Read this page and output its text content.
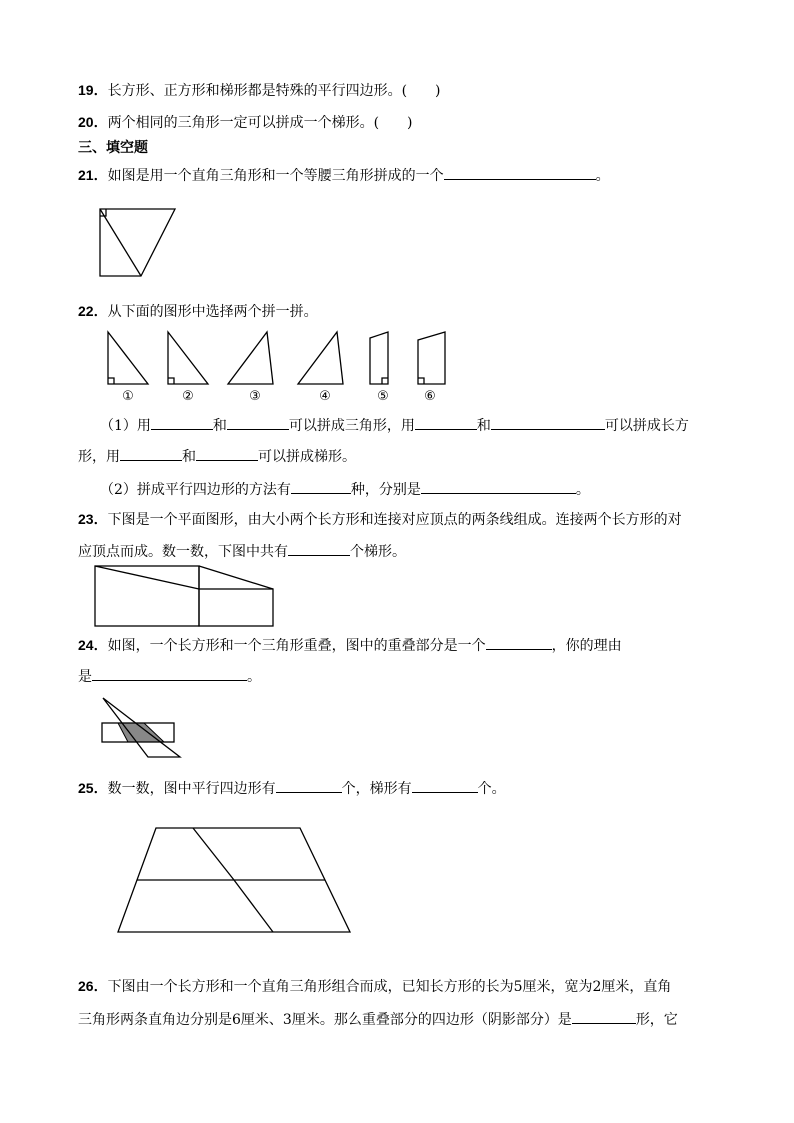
19．长方形、正方形和梯形都是特殊的平行四边形。(　　)
20．两个相同的三角形一定可以拼成一个梯形。(　　)
三、填空题
21．如图是用一个直角三角形和一个等腰三角形拼成的一个	。
22．从下面的图形中选择两个拼一拼。
①	②	③	④	⑤	⑥
（1）用	和	可以拼成三角形，用	和	可以拼成长方
形，用	和	可以拼成梯形。
（2）拼成平行四边形的方法有	种，分别是	。
23．下图是一个平面图形，由大小两个长方形和连接对应顶点的两条线组成。连接两个长方形的对
应顶点而成。数一数，下图中共有	个梯形。
24．如图，一个长方形和一个三角形重叠，图中的重叠部分是一个	，你的理由
是	。
25．数一数，图中平行四边形有	个，梯形有	个。
26．下图由一个长方形和一个直角三角形组合而成，已知长方形的长为5厘米，宽为2厘米，直角
三角形两条直角边分别是6厘米、3厘米。那么重叠部分的四边形（阴影部分）是	形，它
